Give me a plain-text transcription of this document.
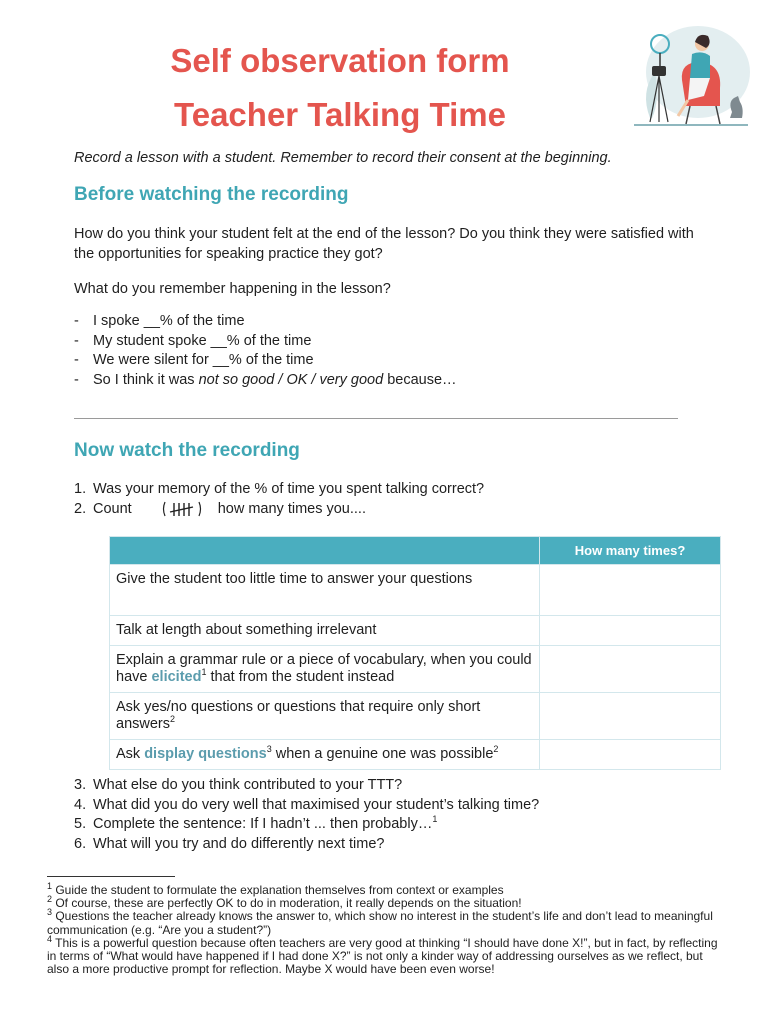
Self observation form
Teacher Talking Time

Record a lesson with a student. Remember to record their consent at the beginning.

Before watching the recording

How do you think your student felt at the end of the lesson? Do you think they were satisfied with the opportunities for speaking practice they got?

What do you remember happening in the lesson?

- I spoke __% of the time
- My student spoke __% of the time
- We were silent for __% of the time
- So I think it was not so good / OK / very good because…
Now watch the recording
1. Was your memory of the % of time you spent talking correct?
2. Count	how many times you....
	How many times?
Give the student too little time to answer your questions	
Talk at length about something irrelevant	
Explain a grammar rule or a piece of vocabulary, when you could have elicited$^1$ that from the student instead	
Ask yes/no questions or questions that require only short answers$^2$	
Ask display questions$^3$ when a genuine one was possible$^2$	
3. What else do you think contributed to your TTT?
4. What did you do very well that maximised your student’s talking time?
5. Complete the sentence: If I hadn’t ... then probably…$^1$
6. What will you try and do differently next time?
$^1$ Guide the student to formulate the explanation themselves from context or examples
$^2$ Of course, these are perfectly OK to do in moderation, it really depends on the situation!
$^3$ Questions the teacher already knows the answer to, which show no interest in the student’s life and don’t lead to meaningful communication (e.g. “Are you a student?”)
$^4$ This is a powerful question because often teachers are very good at thinking “I should have done X!”, but in fact, by reflecting in terms of “What would have happened if I had done X?” is not only a kinder way of addressing ourselves as we reflect, but also a more productive prompt for reflection. Maybe X would have been even worse!
